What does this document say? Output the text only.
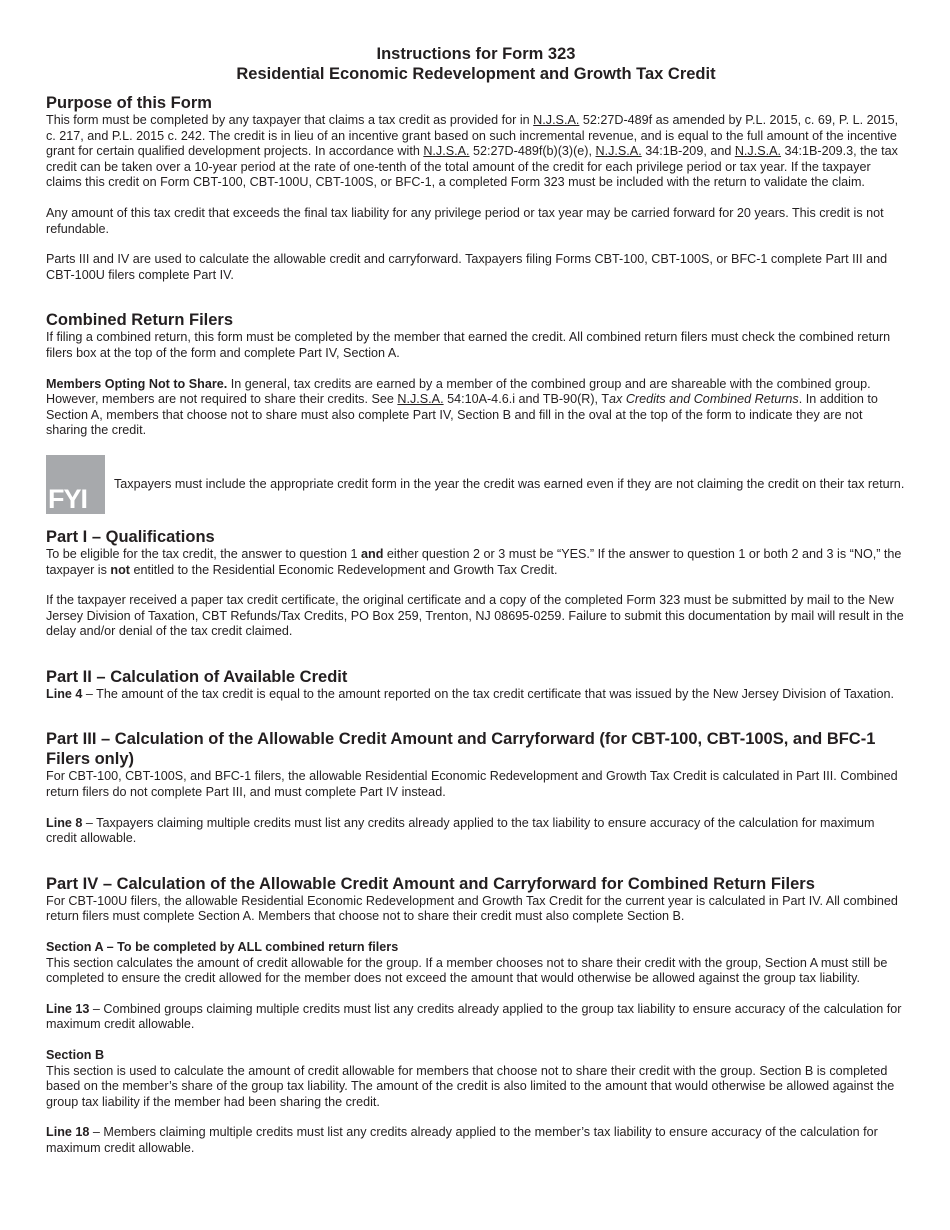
Instructions for Form 323
Residential Economic Redevelopment and Growth Tax Credit
Purpose of this Form

This form must be completed by any taxpayer that claims a tax credit as provided for in N.J.S.A. 52:27D-489f as amended by P.L. 2015, c. 69, P. L. 2015, c. 217, and P.L. 2015 c. 242. The credit is in lieu of an incentive grant based on such incremental revenue, and is equal to the full amount of the incentive grant for certain qualified development projects. In accordance with N.J.S.A. 52:27D-489f(b)(3)(e), N.J.S.A. 34:1B-209, and N.J.S.A. 34:1B-209.3, the tax credit can be taken over a 10-year period at the rate of one-tenth of the total amount of the credit for each privilege period or tax year. If the taxpayer claims this credit on Form CBT-100, CBT-100U, CBT-100S, or BFC-1, a completed Form 323 must be included with the return to validate the claim.

Any amount of this tax credit that exceeds the final tax liability for any privilege period or tax year may be carried forward for 20 years. This credit is not refundable.

Parts III and IV are used to calculate the allowable credit and carryforward. Taxpayers filing Forms CBT-100, CBT-100S, or BFC-1 complete Part III and CBT-100U filers complete Part IV.

Combined Return Filers

If filing a combined return, this form must be completed by the member that earned the credit. All combined return filers must check the combined return filers box at the top of the form and complete Part IV, Section A.

Members Opting Not to Share. In general, tax credits are earned by a member of the combined group and are shareable with the combined group. However, members are not required to share their credits. See N.J.S.A. 54:10A-4.6.i and TB-90(R), Tax Credits and Combined Returns. In addition to Section A, members that choose not to share must also complete Part IV, Section B and fill in the oval at the top of the form to indicate they are not sharing the credit.

FYI

Taxpayers must include the appropriate credit form in the year the credit was earned even if they are not claiming the credit on their tax return.

Part I – Qualifications

To be eligible for the tax credit, the answer to question 1 and either question 2 or 3 must be “YES.” If the answer to question 1 or both 2 and 3 is “NO,” the taxpayer is not entitled to the Residential Economic Redevelopment and Growth Tax Credit.

If the taxpayer received a paper tax credit certificate, the original certificate and a copy of the completed Form 323 must be submitted by mail to the New Jersey Division of Taxation, CBT Refunds/Tax Credits, PO Box 259, Trenton, NJ 08695-0259. Failure to submit this documentation by mail will result in the delay and/or denial of the tax credit claimed.

Part II – Calculation of Available Credit

Line 4 – The amount of the tax credit is equal to the amount reported on the tax credit certificate that was issued by the New Jersey Division of Taxation.

Part III – Calculation of the Allowable Credit Amount and Carryforward (for CBT-100, CBT-100S, and BFC-1 Filers only)

For CBT-100, CBT-100S, and BFC-1 filers, the allowable Residential Economic Redevelopment and Growth Tax Credit is calculated in Part III. Combined return filers do not complete Part III, and must complete Part IV instead.

Line 8 – Taxpayers claiming multiple credits must list any credits already applied to the tax liability to ensure accuracy of the calculation for maximum credit allowable.

Part IV – Calculation of the Allowable Credit Amount and Carryforward for Combined Return Filers

For CBT-100U filers, the allowable Residential Economic Redevelopment and Growth Tax Credit for the current year is calculated in Part IV. All combined return filers must complete Section A. Members that choose not to share their credit must also complete Section B.

Section A – To be completed by ALL combined return filers

This section calculates the amount of credit allowable for the group. If a member chooses not to share their credit with the group, Section A must still be completed to ensure the credit allowed for the member does not exceed the amount that would otherwise be allowed against the group tax liability.

Line 13 – Combined groups claiming multiple credits must list any credits already applied to the group tax liability to ensure accuracy of the calculation for maximum credit allowable.

Section B

This section is used to calculate the amount of credit allowable for members that choose not to share their credit with the group. Section B is completed based on the member’s share of the group tax liability. The amount of the credit is also limited to the amount that would otherwise be allowed against the group tax liability if the member had been sharing the credit.

Line 18 – Members claiming multiple credits must list any credits already applied to the member’s tax liability to ensure accuracy of the calculation for maximum credit allowable.
